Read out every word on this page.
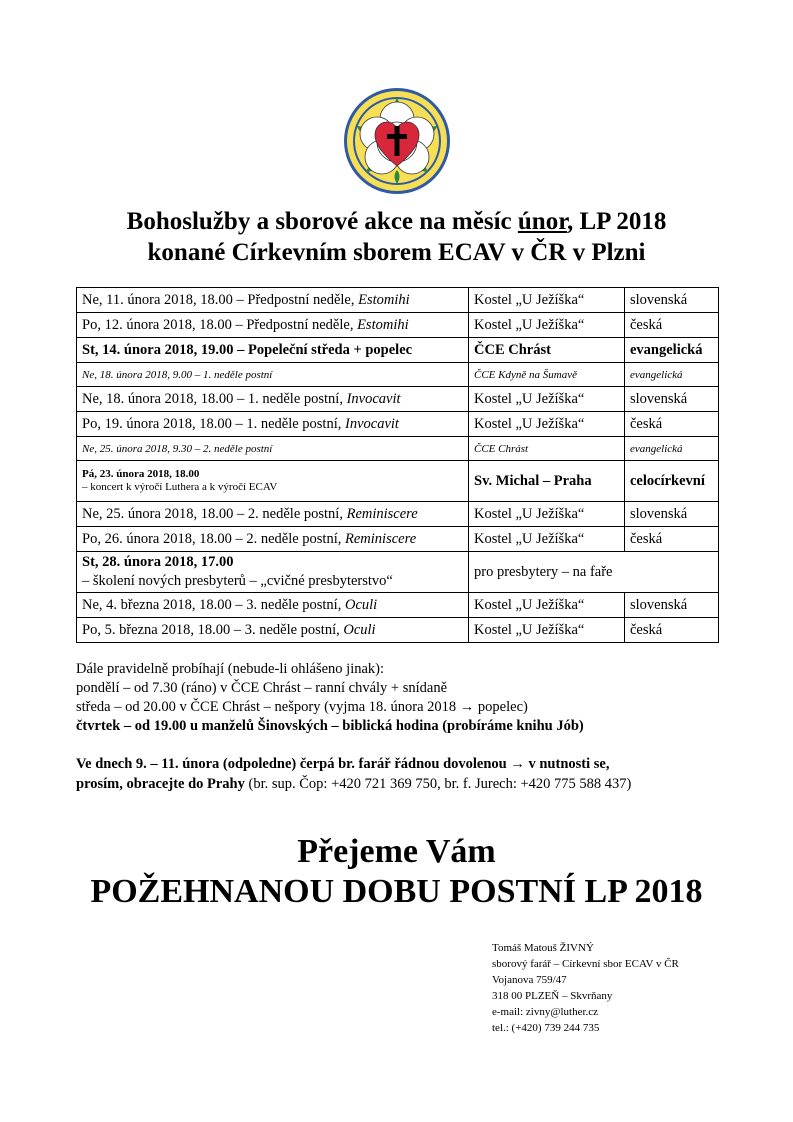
Bohoslužby a sborové akce na měsíc únor, LP 2018
konané Církevním sborem ECAV v ČR v Plzni
Ne, 11. února 2018, 18.00 – Předpostní neděle, Estomihi	Kostel „U Ježíška“	slovenská
Po, 12. února 2018, 18.00 – Předpostní neděle, Estomihi	Kostel „U Ježíška“	česká
St, 14. února 2018, 19.00 – Popeleční středa + popelec	ČCE Chrást	evangelická
Ne, 18. února 2018, 9.00 – 1. neděle postní	ČCE Kdyně na Šumavě	evangelická
Ne, 18. února 2018, 18.00 – 1. neděle postní, Invocavit	Kostel „U Ježíška“	slovenská
Po, 19. února 2018, 18.00 – 1. neděle postní, Invocavit	Kostel „U Ježíška“	česká
Ne, 25. února 2018, 9.30 – 2. neděle postní	ČCE Chrást	evangelická

Pá, 23. února 2018, 18.00
– koncert k výročí Luthera a k výročí ECAV	Sv. Michal – Praha	celocírkevní
Ne, 25. února 2018, 18.00 – 2. neděle postní, Reminiscere	Kostel „U Ježíška“	slovenská
Po, 26. února 2018, 18.00 – 2. neděle postní, Reminiscere	Kostel „U Ježíška“	česká

St, 28. února 2018, 17.00
– školení nových presbyterů – „cvičné presbyterstvo“	pro presbytery – na faře	
Ne, 4. března 2018, 18.00 – 3. neděle postní, Oculi	Kostel „U Ježíška“	slovenská
Po, 5. března 2018, 18.00 – 3. neděle postní, Oculi	Kostel „U Ježíška“	česká
Dále pravidelně probíhají (nebude-li ohlášeno jinak):
pondělí – od 7.30 (ráno) v ČCE Chrást – ranní chvály + snídaně
středa – od 20.00 v ČCE Chrást – nešpory (vyjma 18. února 2018 → popelec)
čtvrtek – od 19.00 u manželů Šinovských – biblická hodina (probíráme knihu Jób)
Ve dnech 9. – 11. února (odpoledne) čerpá br. farář řádnou dovolenou → v nutnosti se,
prosím, obracejte do Prahy (br. sup. Čop: +420 721 369 750, br. f. Jurech: +420 775 588 437)
Přejeme Vám
POŽEHNANOU DOBU POSTNÍ LP 2018
Tomáš Matouš ŽIVNÝ
sborový farář – Církevní sbor ECAV v ČR
Vojanova 759/47
318 00 PLZEŇ – Skvrňany
e-mail: zivny@luther.cz
tel.: (+420) 739 244 735
